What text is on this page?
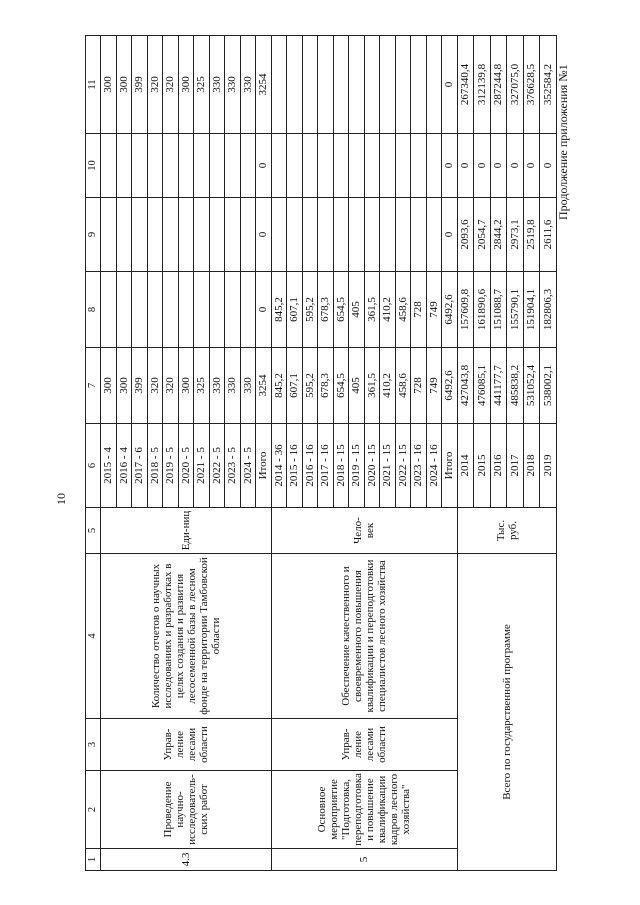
10
Продолжение приложения №1
1	2	3	4	5	6	7	8	9	10	11
4.3	Проведение научно-исследователь-ских работ	Управ-ление лесами области	Количество отчетов о научных исследованиях и разработках в целях создания и развития лесосеменной базы в лесном фонде на территории Тамбовской области	Еди-ниц	2015 - 4	300				300
					2016 - 4	300				300
					2017 - 6	399				399
					2018 - 5	320				320
					2019 - 5	320				320
					2020 - 5	300				300
					2021 - 5	325				325
					2022 - 5	330				330
					2023 - 5	330				330
					2024 - 5	330				330
					Итого	3254	0	0	0	3254
5	Основное мероприятие "Подготовка, переподготовка и повышение квалификации кадров лесного хозяйства"	Управ-ление лесами области	Обеспечение качественного и своевременного повышения квалификации и переподготовки специалистов лесного хозяйства	Чело-век	2014 - 36	845,2	845,2			
					2015 - 16	607,1	607,1			
					2016 - 16	595,2	595,2			
					2017 - 16	678,3	678,3			
					2018 - 15	654,5	654,5			
					2019 - 15	405	405			
					2020 - 15	361,5	361,5			
					2021 - 15	410,2	410,2			
					2022 - 15	458,6	458,6			
					2023 - 16	728	728			
					2024 - 16	749	749			
					Итого	6492,6	6492,6	0	0	0
Всего по государственной программе				Тыс. руб.	2014	427043,8	157609,8	2093,6	0	267340,4
					2015	476085,1	161890,6	2054,7	0	312139,8
					2016	441177,7	151088,7	2844,2	0	287244,8
					2017	485838,2	155790,1	2973,1	0	327075,0
					2018	531052,4	151904,1	2519,8	0	376628,5
					2019	538002,1	182806,3	2611,6	0	352584,2
